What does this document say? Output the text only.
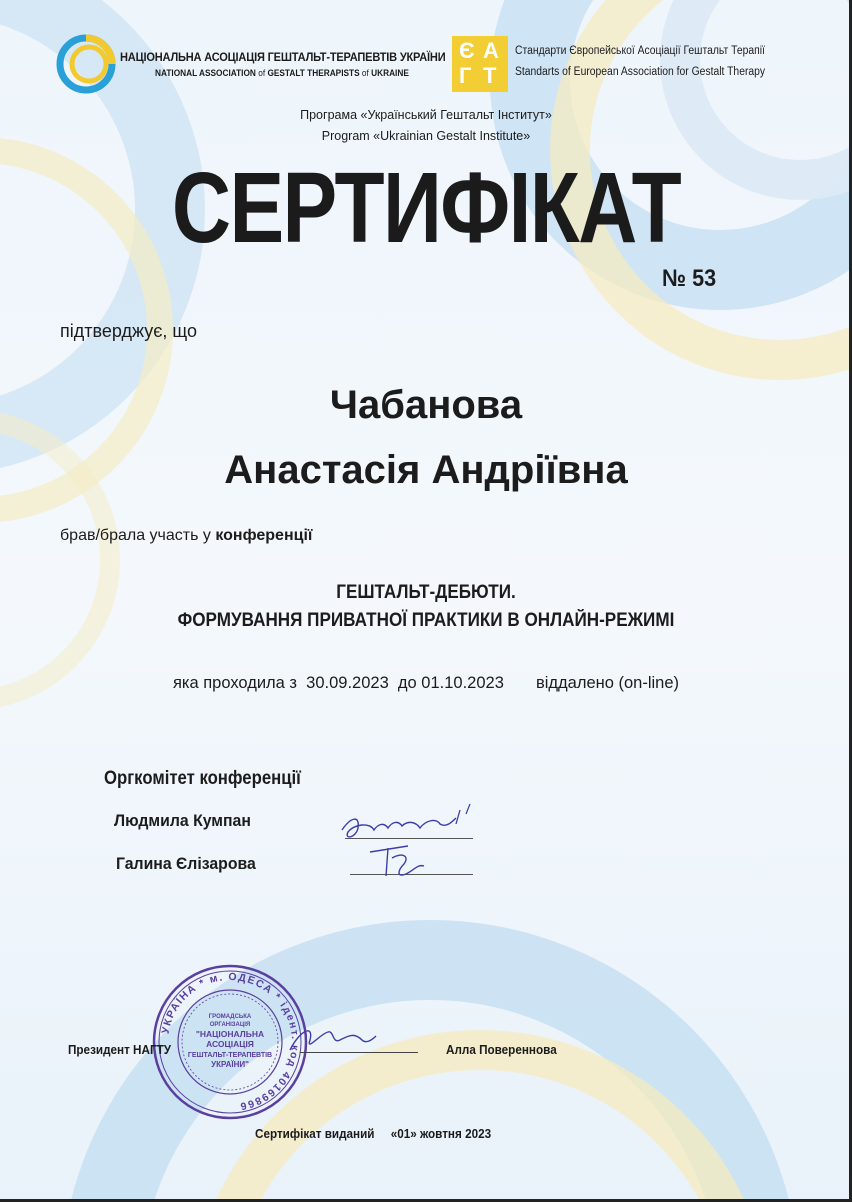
НАЦІОНАЛЬНА АСОЦІАЦІЯ ГЕШТАЛЬТ-ТЕРАПЕВТІВ УКРАЇНИ
NATIONAL ASSOCIATION of GESTALT THERAPISTS of UKRAINE
Є А
Г Т
Стандарти Європейської Асоціації Гештальт Терапії
Standarts of European Association for Gestalt Therapy
Програма «Український Гештальт Інститут»
Program «Ukrainian Gestalt Institute»
СЕРТИФІКАТ
№ 53
підтверджує, що
Чабанова
Анастасія Андріївна
брав/брала участь у конференції
ГЕШТАЛЬТ-ДЕБЮТИ.
ФОРМУВАННЯ ПРИВАТНОЇ ПРАКТИКИ В ОНЛАЙН-РЕЖИМІ
яка проходила з  30.09.2023  до 01.10.2023       віддалено (on-line)
Оргкомітет конференції
Людмила Кумпан
Галина Єлізарова
УКРАЇНА * м. ОДЕСА * ідент. код 40169866
ГРОМАДСЬКА
ОРГАНІЗАЦІЯ
"НАЦІОНАЛЬНА
АСОЦІАЦІЯ
ГЕШТАЛЬТ-ТЕРАПЕВТІВ
УКРАЇНИ"
Президент НАГТУ	Алла Поверенновa
Сертифікат виданий     «01» жовтня 2023
